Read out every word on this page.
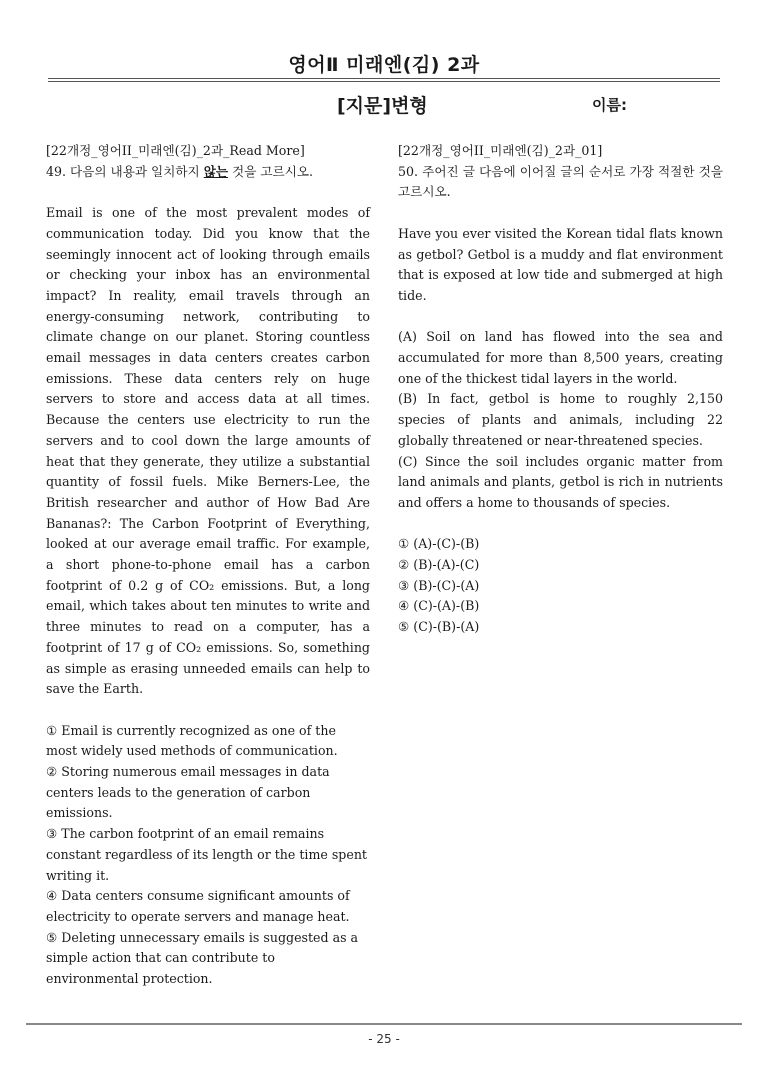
영어Ⅱ 미래엔(김) 2과
[지문]변형	이름:

[22개정_영어II_미래엔(김)_2과_Read More]

49. 다음의 내용과 일치하지 않는 것을 고르시오.

Email is one of the most prevalent modes of communication today. Did you know that the seemingly innocent act of looking through emails or checking your inbox has an environmental impact? In reality, email travels through an energy-consuming network, contributing to climate change on our planet. Storing countless email messages in data centers creates carbon emissions. These data centers rely on huge servers to store and access data at all times. Because the centers use electricity to run the servers and to cool down the large amounts of heat that they generate, they utilize a substantial quantity of fossil fuels. Mike Berners-Lee, the British researcher and author of How Bad Are Bananas?: The Carbon Footprint of Everything, looked at our average email traffic. For example, a short phone-to-phone email has a carbon footprint of 0.2 g of CO₂ emissions. But, a long email, which takes about ten minutes to write and three minutes to read on a computer, has a footprint of 17 g of CO₂ emissions. So, something as simple as erasing unneeded emails can help to save the Earth.

① Email is currently recognized as one of the most widely used methods of communication.

② Storing numerous email messages in data centers leads to the generation of carbon emissions.

③ The carbon footprint of an email remains constant regardless of its length or the time spent writing it.

④ Data centers consume significant amounts of electricity to operate servers and manage heat.

⑤ Deleting unnecessary emails is suggested as a simple action that can contribute to environmental protection.

[22개정_영어II_미래엔(김)_2과_01]

50. 주어진 글 다음에 이어질 글의 순서로 가장 적절한 것을 고르시오.

Have you ever visited the Korean tidal flats known as getbol? Getbol is a muddy and flat environment that is exposed at low tide and submerged at high tide.

(A) Soil on land has flowed into the sea and accumulated for more than 8,500 years, creating one of the thickest tidal layers in the world.

(B) In fact, getbol is home to roughly 2,150 species of plants and animals, including 22 globally threatened or near-threatened species.

(C) Since the soil includes organic matter from land animals and plants, getbol is rich in nutrients and offers a home to thousands of species.

① (A)-(C)-(B)

② (B)-(A)-(C)

③ (B)-(C)-(A)

④ (C)-(A)-(B)

⑤ (C)-(B)-(A)

- 25 -
